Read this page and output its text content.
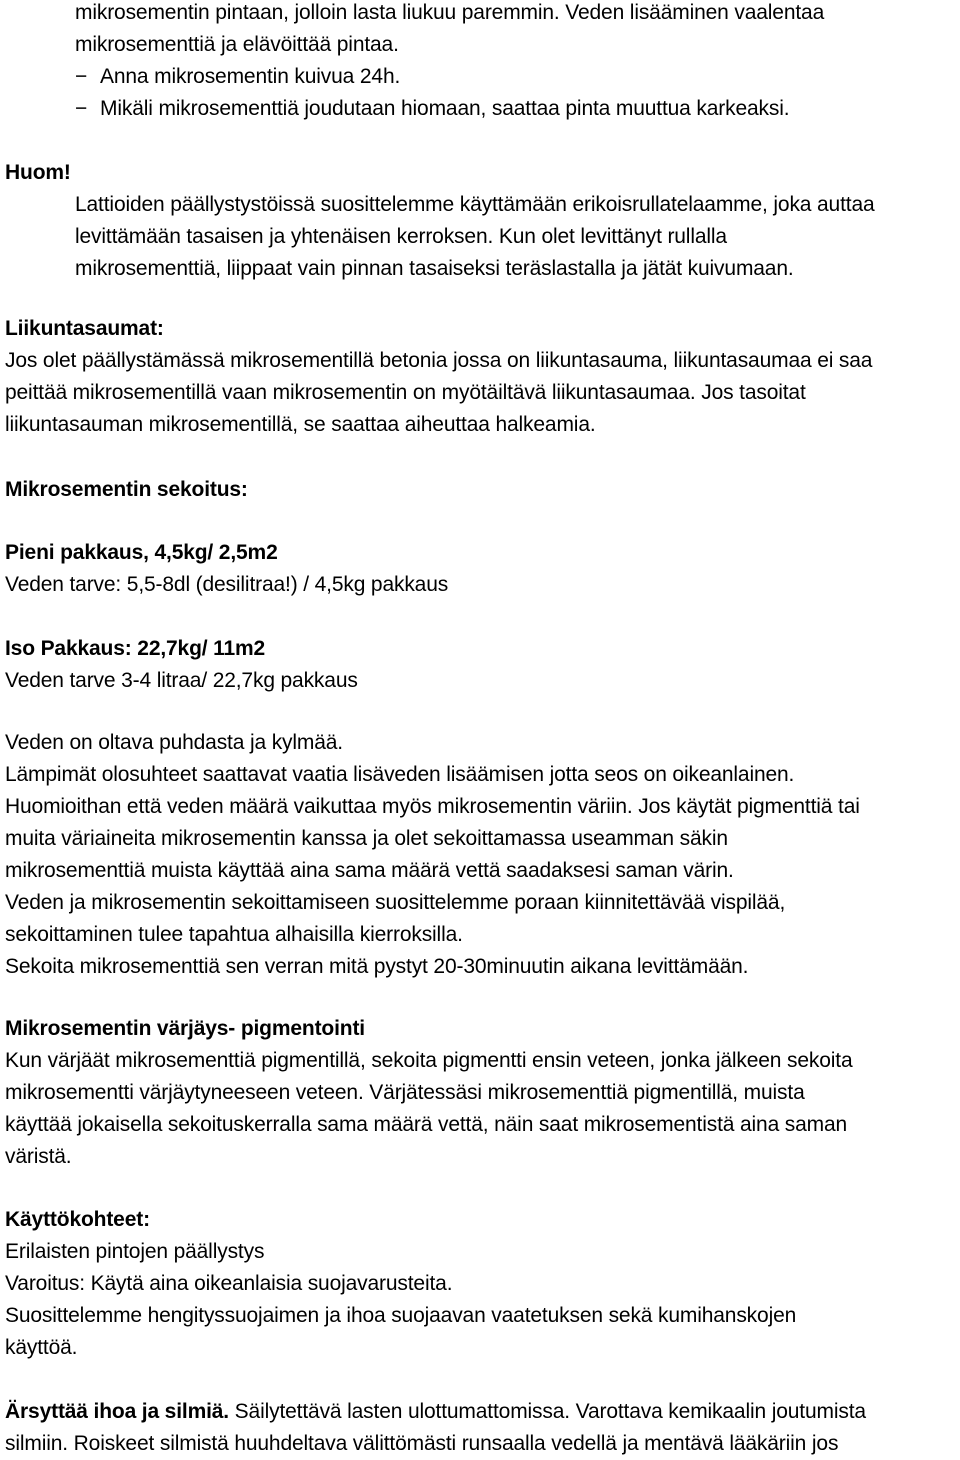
mikrosementin pintaan, jolloin lasta liukuu paremmin. Veden lisääminen vaalentaa
mikrosementtiä ja elävöittää pintaa.
− Anna mikrosementin kuivua 24h.
− Mikäli mikrosementtiä joudutaan hiomaan, saattaa pinta muuttua karkeaksi.
Huom!
Lattioiden päällystystöissä suosittelemme käyttämään erikoisrullatelaamme, joka auttaa
levittämään tasaisen ja yhtenäisen kerroksen. Kun olet levittänyt rullalla
mikrosementtiä, liippaat vain pinnan tasaiseksi teräslastalla ja jätät kuivumaan.
Liikuntasaumat:
Jos olet päällystämässä mikrosementillä betonia jossa on liikuntasauma, liikuntasaumaa ei saa
peittää mikrosementillä vaan mikrosementin on myötäiltävä liikuntasaumaa. Jos tasoitat
liikuntasauman mikrosementillä, se saattaa aiheuttaa halkeamia.
Mikrosementin sekoitus:
Pieni pakkaus, 4,5kg/ 2,5m2
Veden tarve: 5,5-8dl (desilitraa!) / 4,5kg pakkaus
Iso Pakkaus: 22,7kg/ 11m2
Veden tarve 3-4 litraa/ 22,7kg pakkaus
Veden on oltava puhdasta ja kylmää.
Lämpimät olosuhteet saattavat vaatia lisäveden lisäämisen jotta seos on oikeanlainen.
Huomioithan että veden määrä vaikuttaa myös mikrosementin väriin. Jos käytät pigmenttiä tai
muita väriaineita mikrosementin kanssa ja olet sekoittamassa useamman säkin
mikrosementtiä muista käyttää aina sama määrä vettä saadaksesi saman värin.
Veden ja mikrosementin sekoittamiseen suosittelemme poraan kiinnitettävää vispilää,
sekoittaminen tulee tapahtua alhaisilla kierroksilla.
Sekoita mikrosementtiä sen verran mitä pystyt 20-30minuutin aikana levittämään.
Mikrosementin värjäys- pigmentointi
Kun värjäät mikrosementtiä pigmentillä, sekoita pigmentti ensin veteen, jonka jälkeen sekoita
mikrosementti värjäytyneeseen veteen. Värjätessäsi mikrosementtiä pigmentillä, muista
käyttää jokaisella sekoituskerralla sama määrä vettä, näin saat mikrosementistä aina saman
väristä.
Käyttökohteet:
Erilaisten pintojen päällystys
Varoitus: Käytä aina oikeanlaisia suojavarusteita.
Suosittelemme hengityssuojaimen ja ihoa suojaavan vaatetuksen sekä kumihanskojen
käyttöä.
Ärsyttää ihoa ja silmiä. Säilytettävä lasten ulottumattomissa. Varottava kemikaalin joutumista
silmiin. Roiskeet silmistä huuhdeltava välittömästi runsaalla vedellä ja mentävä lääkäriin jos
